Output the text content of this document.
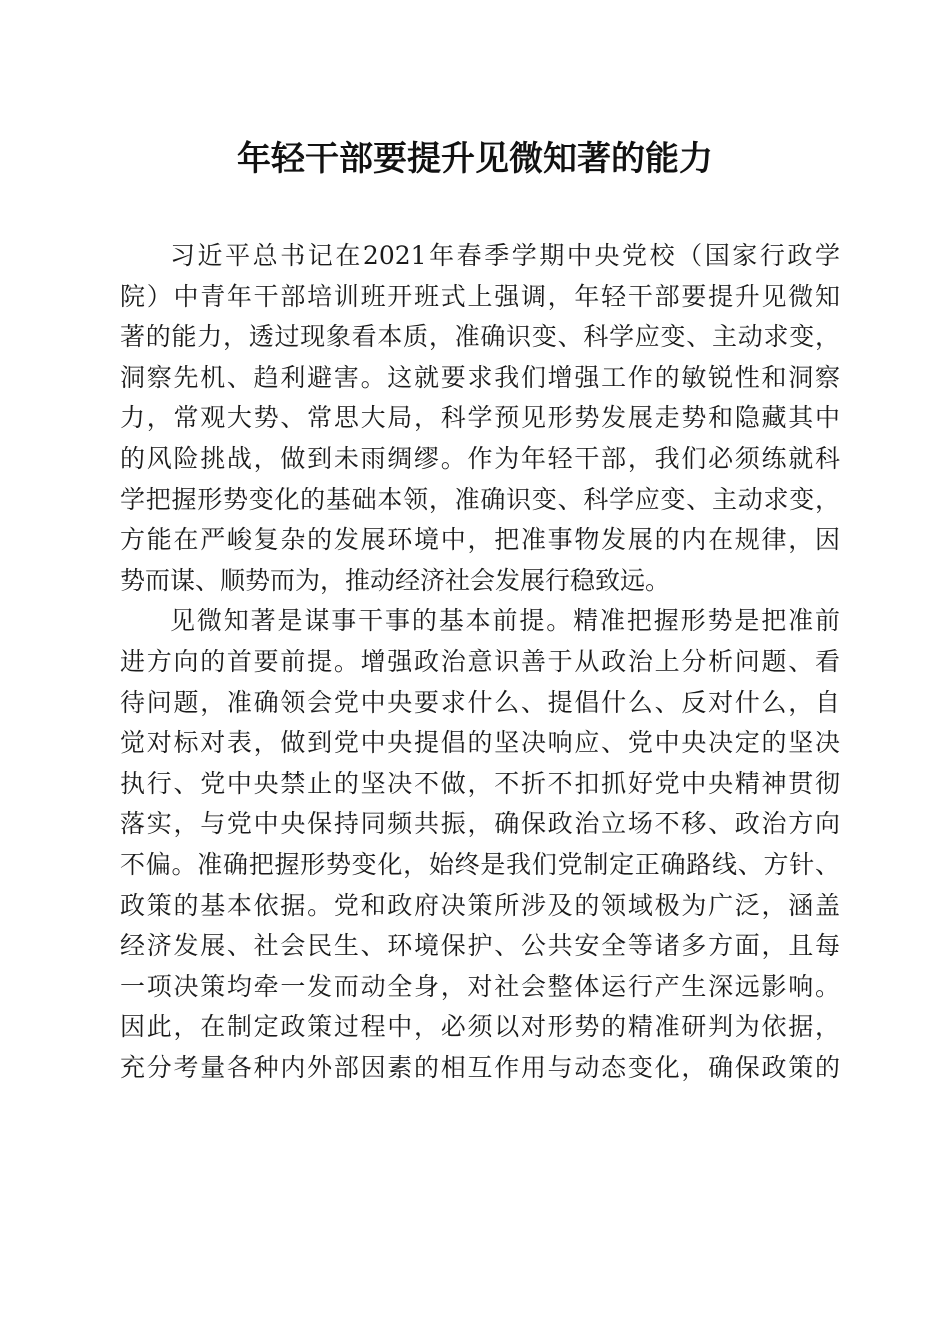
年轻干部要提升见微知著的能力
习近平总书记在2021年春季学期中央党校（国家行政学
院）中青年干部培训班开班式上强调，年轻干部要提升见微知
著的能力，透过现象看本质，准确识变、科学应变、主动求变，
洞察先机、趋利避害。这就要求我们增强工作的敏锐性和洞察
力，常观大势、常思大局，科学预见形势发展走势和隐藏其中
的风险挑战，做到未雨绸缪。作为年轻干部，我们必须练就科
学把握形势变化的基础本领，准确识变、科学应变、主动求变，
方能在严峻复杂的发展环境中，把准事物发展的内在规律，因
势而谋、顺势而为，推动经济社会发展行稳致远。
见微知著是谋事干事的基本前提。精准把握形势是把准前
进方向的首要前提。增强政治意识善于从政治上分析问题、看
待问题，准确领会党中央要求什么、提倡什么、反对什么，自
觉对标对表，做到党中央提倡的坚决响应、党中央决定的坚决
执行、党中央禁止的坚决不做，不折不扣抓好党中央精神贯彻
落实，与党中央保持同频共振，确保政治立场不移、政治方向
不偏。准确把握形势变化，始终是我们党制定正确路线、方针、
政策的基本依据。党和政府决策所涉及的领域极为广泛，涵盖
经济发展、社会民生、环境保护、公共安全等诸多方面，且每
一项决策均牵一发而动全身，对社会整体运行产生深远影响。
因此，在制定政策过程中，必须以对形势的精准研判为依据，
充分考量各种内外部因素的相互作用与动态变化，确保政策的
